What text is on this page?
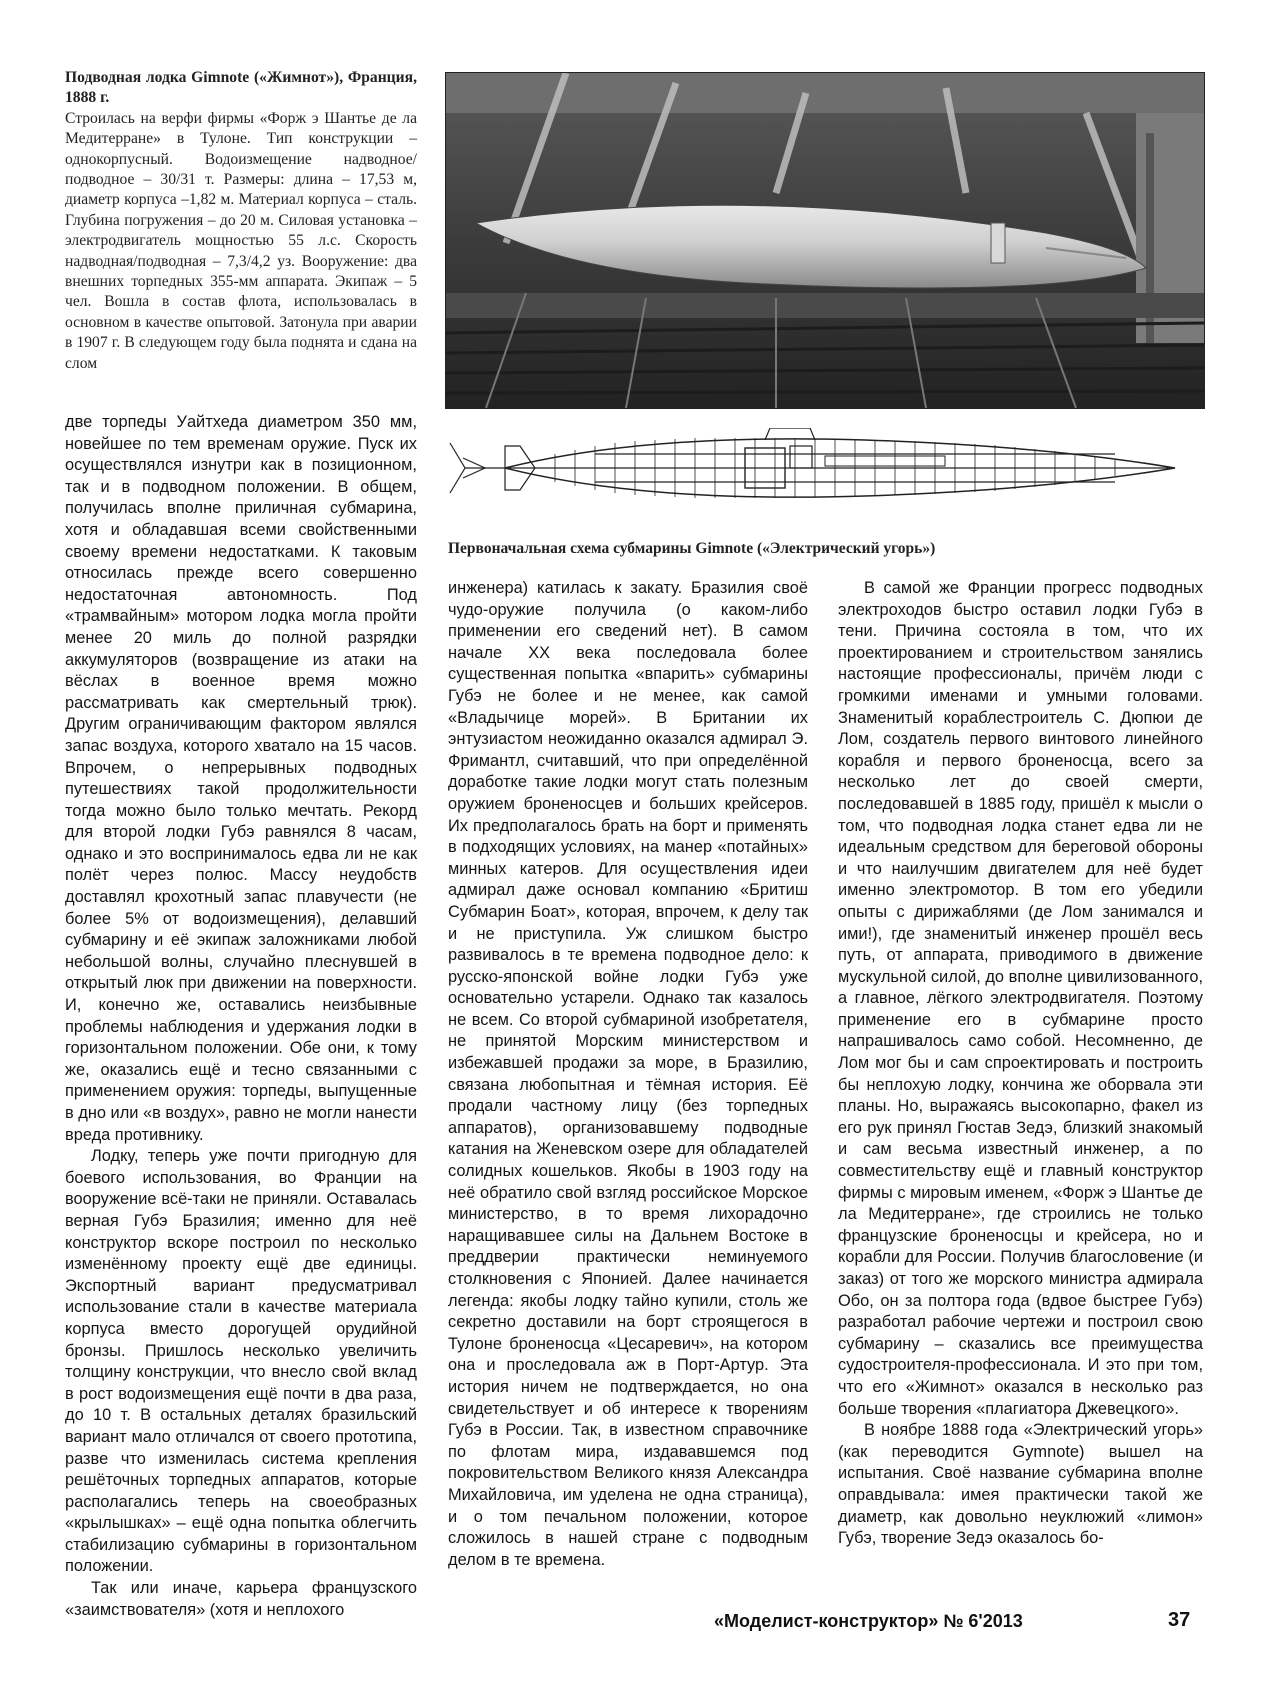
Подводная лодка Gimnote («Жимнот»), Франция, 1888 г.
Строилась на верфи фирмы «Форж э Шантье де ла Медитерране» в Тулоне. Тип конструкции – однокорпусный. Водоизмещение надводное/подводное – 30/31 т. Размеры: длина – 17,53 м, диаметр корпуса –1,82 м. Материал корпуса – сталь. Глубина погружения – до 20 м. Силовая установка – электродвигатель мощностью 55 л.с. Скорость надводная/подводная – 7,3/4,2 уз. Вооружение: два внешних торпедных 355-мм аппарата. Экипаж – 5 чел. Вошла в состав флота, использовалась в основном в качестве опытовой. Затонула при аварии в 1907 г. В следующем году была поднята и сдана на слом
Первоначальная схема субмарины Gimnote («Электрический угорь»)

две торпеды Уайтхеда диаметром 350 мм, новейшее по тем временам оружие. Пуск их осуществлялся изнутри как в позиционном, так и в подводном положении. В общем, получилась вполне приличная субмарина, хотя и обладавшая всеми свойственными своему времени недостатками. К таковым относилась прежде всего совершенно недостаточная автономность. Под «трамвайным» мотором лодка могла пройти менее 20 миль до полной разрядки аккумуляторов (возвращение из атаки на вёслах в военное время можно рассматривать как смертельный трюк). Другим ограничивающим фактором являлся запас воздуха, которого хватало на 15 часов. Впрочем, о непрерывных подводных путешествиях такой продолжительности тогда можно было только мечтать. Рекорд для второй лодки Губэ равнялся 8 часам, однако и это воспринималось едва ли не как полёт через полюс. Массу неудобств доставлял крохотный запас плавучести (не более 5% от водоизмещения), делавший субмарину и её экипаж заложниками любой небольшой волны, случайно плеснувшей в открытый люк при движении на поверхности. И, конечно же, оставались неизбывные проблемы наблюдения и удержания лодки в горизонтальном положении. Обе они, к тому же, оказались ещё и тесно связанными с применением оружия: торпеды, выпущенные в дно или «в воздух», равно не могли нанести вреда противнику.

Лодку, теперь уже почти пригодную для боевого использования, во Франции на вооружение всё-таки не приняли. Оставалась верная Губэ Бразилия; именно для неё конструктор вскоре построил по несколько изменённому проекту ещё две единицы. Экспортный вариант предусматривал использование стали в качестве материала корпуса вместо дорогущей орудийной бронзы. Пришлось несколько увеличить толщину конструкции, что внесло свой вклад в рост водоизмещения ещё почти в два раза, до 10 т. В остальных деталях бразильский вариант мало отличался от своего прототипа, разве что изменилась система крепления решёточных торпедных аппаратов, которые располагались теперь на своеобразных «крылышках» – ещё одна попытка облегчить стабилизацию субмарины в горизонтальном положении.

Так или иначе, карьера французского «заимствователя» (хотя и неплохого

инженера) катилась к закату. Бразилия своё чудо-оружие получила (о каком-либо применении его сведений нет). В самом начале XX века последовала более существенная попытка «впарить» субмарины Губэ не более и не менее, как самой «Владычице морей». В Британии их энтузиастом неожиданно оказался адмирал Э. Фримантл, считавший, что при определённой доработке такие лодки могут стать полезным оружием броненосцев и больших крейсеров. Их предполагалось брать на борт и применять в подходящих условиях, на манер «потайных» минных катеров. Для осуществления идеи адмирал даже основал компанию «Бритиш Субмарин Боат», которая, впрочем, к делу так и не приступила. Уж слишком быстро развивалось в те времена подводное дело: к русско-японской войне лодки Губэ уже основательно устарели. Однако так казалось не всем. Со второй субмариной изобретателя, не принятой Морским министерством и избежавшей продажи за море, в Бразилию, связана любопытная и тёмная история. Её продали частному лицу (без торпедных аппаратов), организовавшему подводные катания на Женевском озере для обладателей солидных кошельков. Якобы в 1903 году на неё обратило свой взгляд российское Морское министерство, в то время лихорадочно наращивавшее силы на Дальнем Востоке в преддверии практически неминуемого столкновения с Японией. Далее начинается легенда: якобы лодку тайно купили, столь же секретно доставили на борт строящегося в Тулоне броненосца «Цесаревич», на котором она и проследовала аж в Порт-Артур. Эта история ничем не подтверждается, но она свидетельствует и об интересе к творениям Губэ в России. Так, в известном справочнике по флотам мира, издававшемся под покровительством Великого князя Александра Михайловича, им уделена не одна страница), и о том печальном положении, которое сложилось в нашей стране с подводным делом в те времена.

В самой же Франции прогресс подводных электроходов быстро оставил лодки Губэ в тени. Причина состояла в том, что их проектированием и строительством занялись настоящие профессионалы, причём люди с громкими именами и умными головами. Знаменитый кораблестроитель С. Дюпюи де Лом, создатель первого винтового линейного корабля и первого броненосца, всего за несколько лет до своей смерти, последовавшей в 1885 году, пришёл к мысли о том, что подводная лодка станет едва ли не идеальным средством для береговой обороны и что наилучшим двигателем для неё будет именно электромотор. В том его убедили опыты с дирижаблями (де Лом занимался и ими!), где знаменитый инженер прошёл весь путь, от аппарата, приводимого в движение мускульной силой, до вполне цивилизованного, а главное, лёгкого электродвигателя. Поэтому применение его в субмарине просто напрашивалось само собой. Несомненно, де Лом мог бы и сам спроектировать и построить бы неплохую лодку, кончина же оборвала эти планы. Но, выражаясь высокопарно, факел из его рук принял Гюстав Зедэ, близкий знакомый и сам весьма известный инженер, а по совместительству ещё и главный конструктор фирмы с мировым именем, «Форж э Шантье де ла Медитерране», где строились не только французские броненосцы и крейсера, но и корабли для России. Получив благословение (и заказ) от того же морского министра адмирала Обо, он за полтора года (вдвое быстрее Губэ) разработал рабочие чертежи и построил свою субмарину – сказались все преимущества судостроителя-профессионала. И это при том, что его «Жимнот» оказался в несколько раз больше творения «плагиатора Джевецкого».

В ноябре 1888 года «Электрический угорь» (как переводится Gymnote) вышел на испытания. Своё название субмарина вполне оправдывала: имея практически такой же диаметр, как довольно неуклюжий «лимон» Губэ, творение Зедэ оказалось бо-

«Моделист-конструктор» № 6'2013	37
